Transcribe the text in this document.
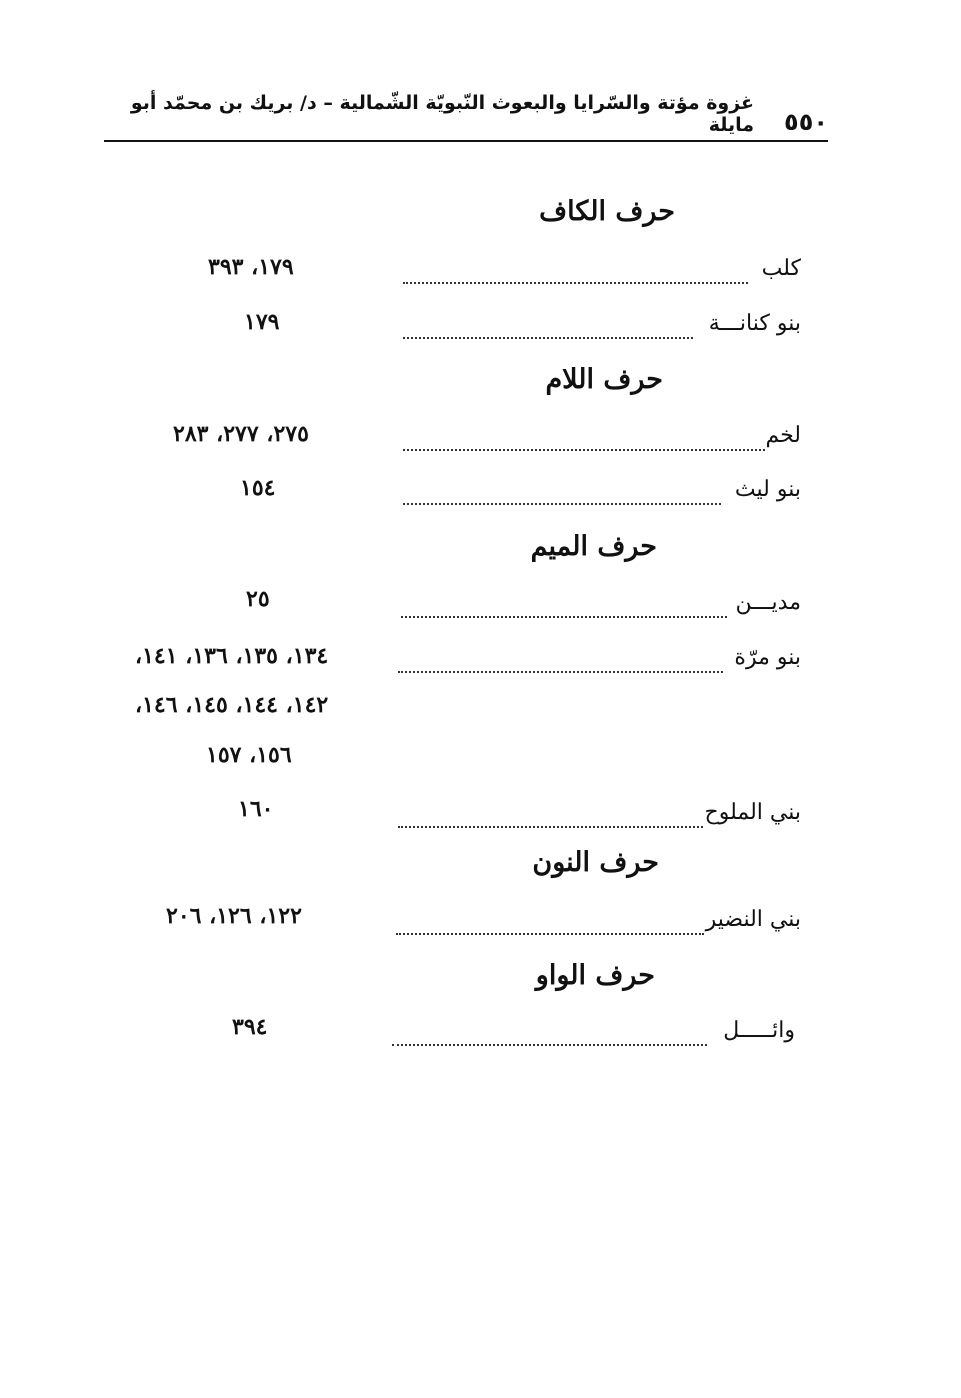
٥٥٠
غزوة مؤتة والسّرايا والبعوث النّبويّة الشّمالية – د/ بريك بن محمّد أبو مايلة
حرف الكاف
كلب
١٧٩، ٣٩٣
بنو كنانـــة
١٧٩
حرف اللام
لخم
٢٧٥، ٢٧٧، ٢٨٣
بنو ليث
١٥٤
حرف الميم
مديـــن
٢٥
بنو مرّة
١٣٤، ١٣٥، ١٣٦، ١٤١،
١٤٢، ١٤٤، ١٤٥، ١٤٦،
١٥٦، ١٥٧
بني الملوح
١٦٠
حرف النون
بني النضير
١٢٢، ١٢٦، ٢٠٦
حرف الواو
وائـــــل
٣٩٤
